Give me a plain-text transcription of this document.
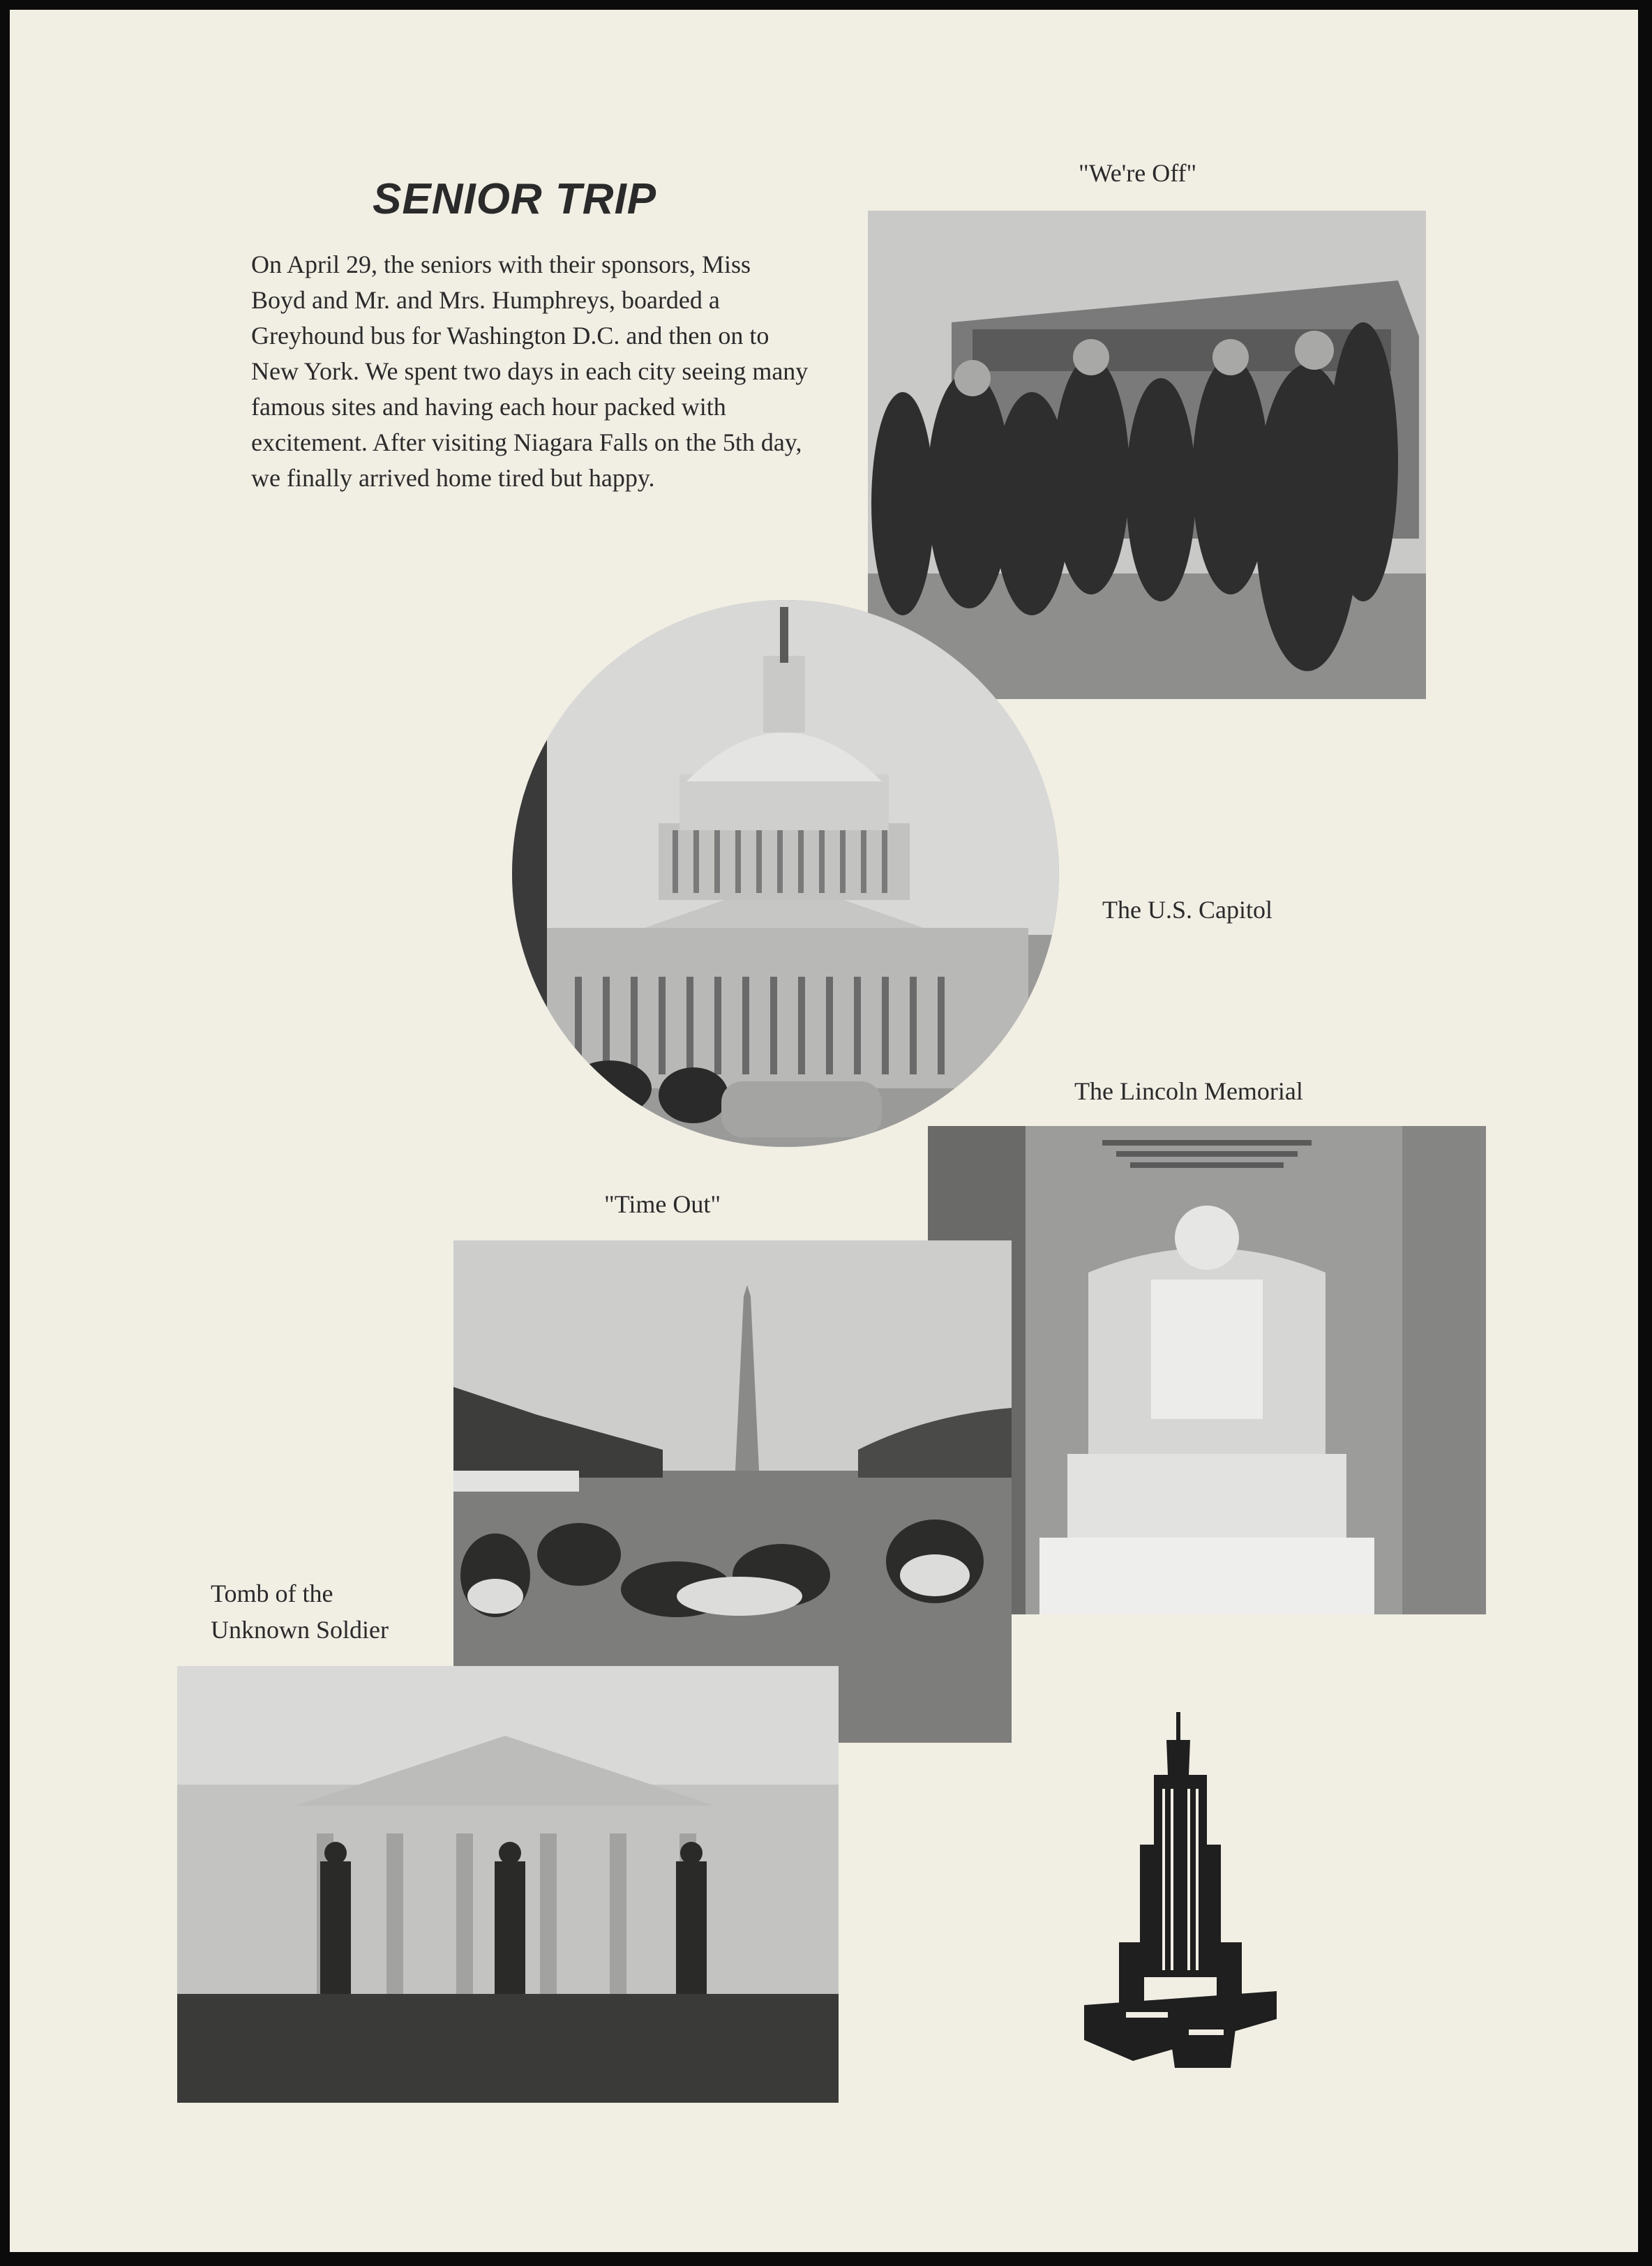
SENIOR TRIP

On April 29, the seniors with their sponsors, Miss Boyd and Mr. and Mrs. Humphreys, boarded a Greyhound bus for Washington D.C. and then on to New York. We spent two days in each city seeing many famous sites and having each hour packed with excitement. After visiting Niagara Falls on the 5th day, we finally arrived home tired but happy.

"We're Off"
The U.S. Capitol
The Lincoln Memorial
"Time Out"
Tomb of the
Unknown Soldier
